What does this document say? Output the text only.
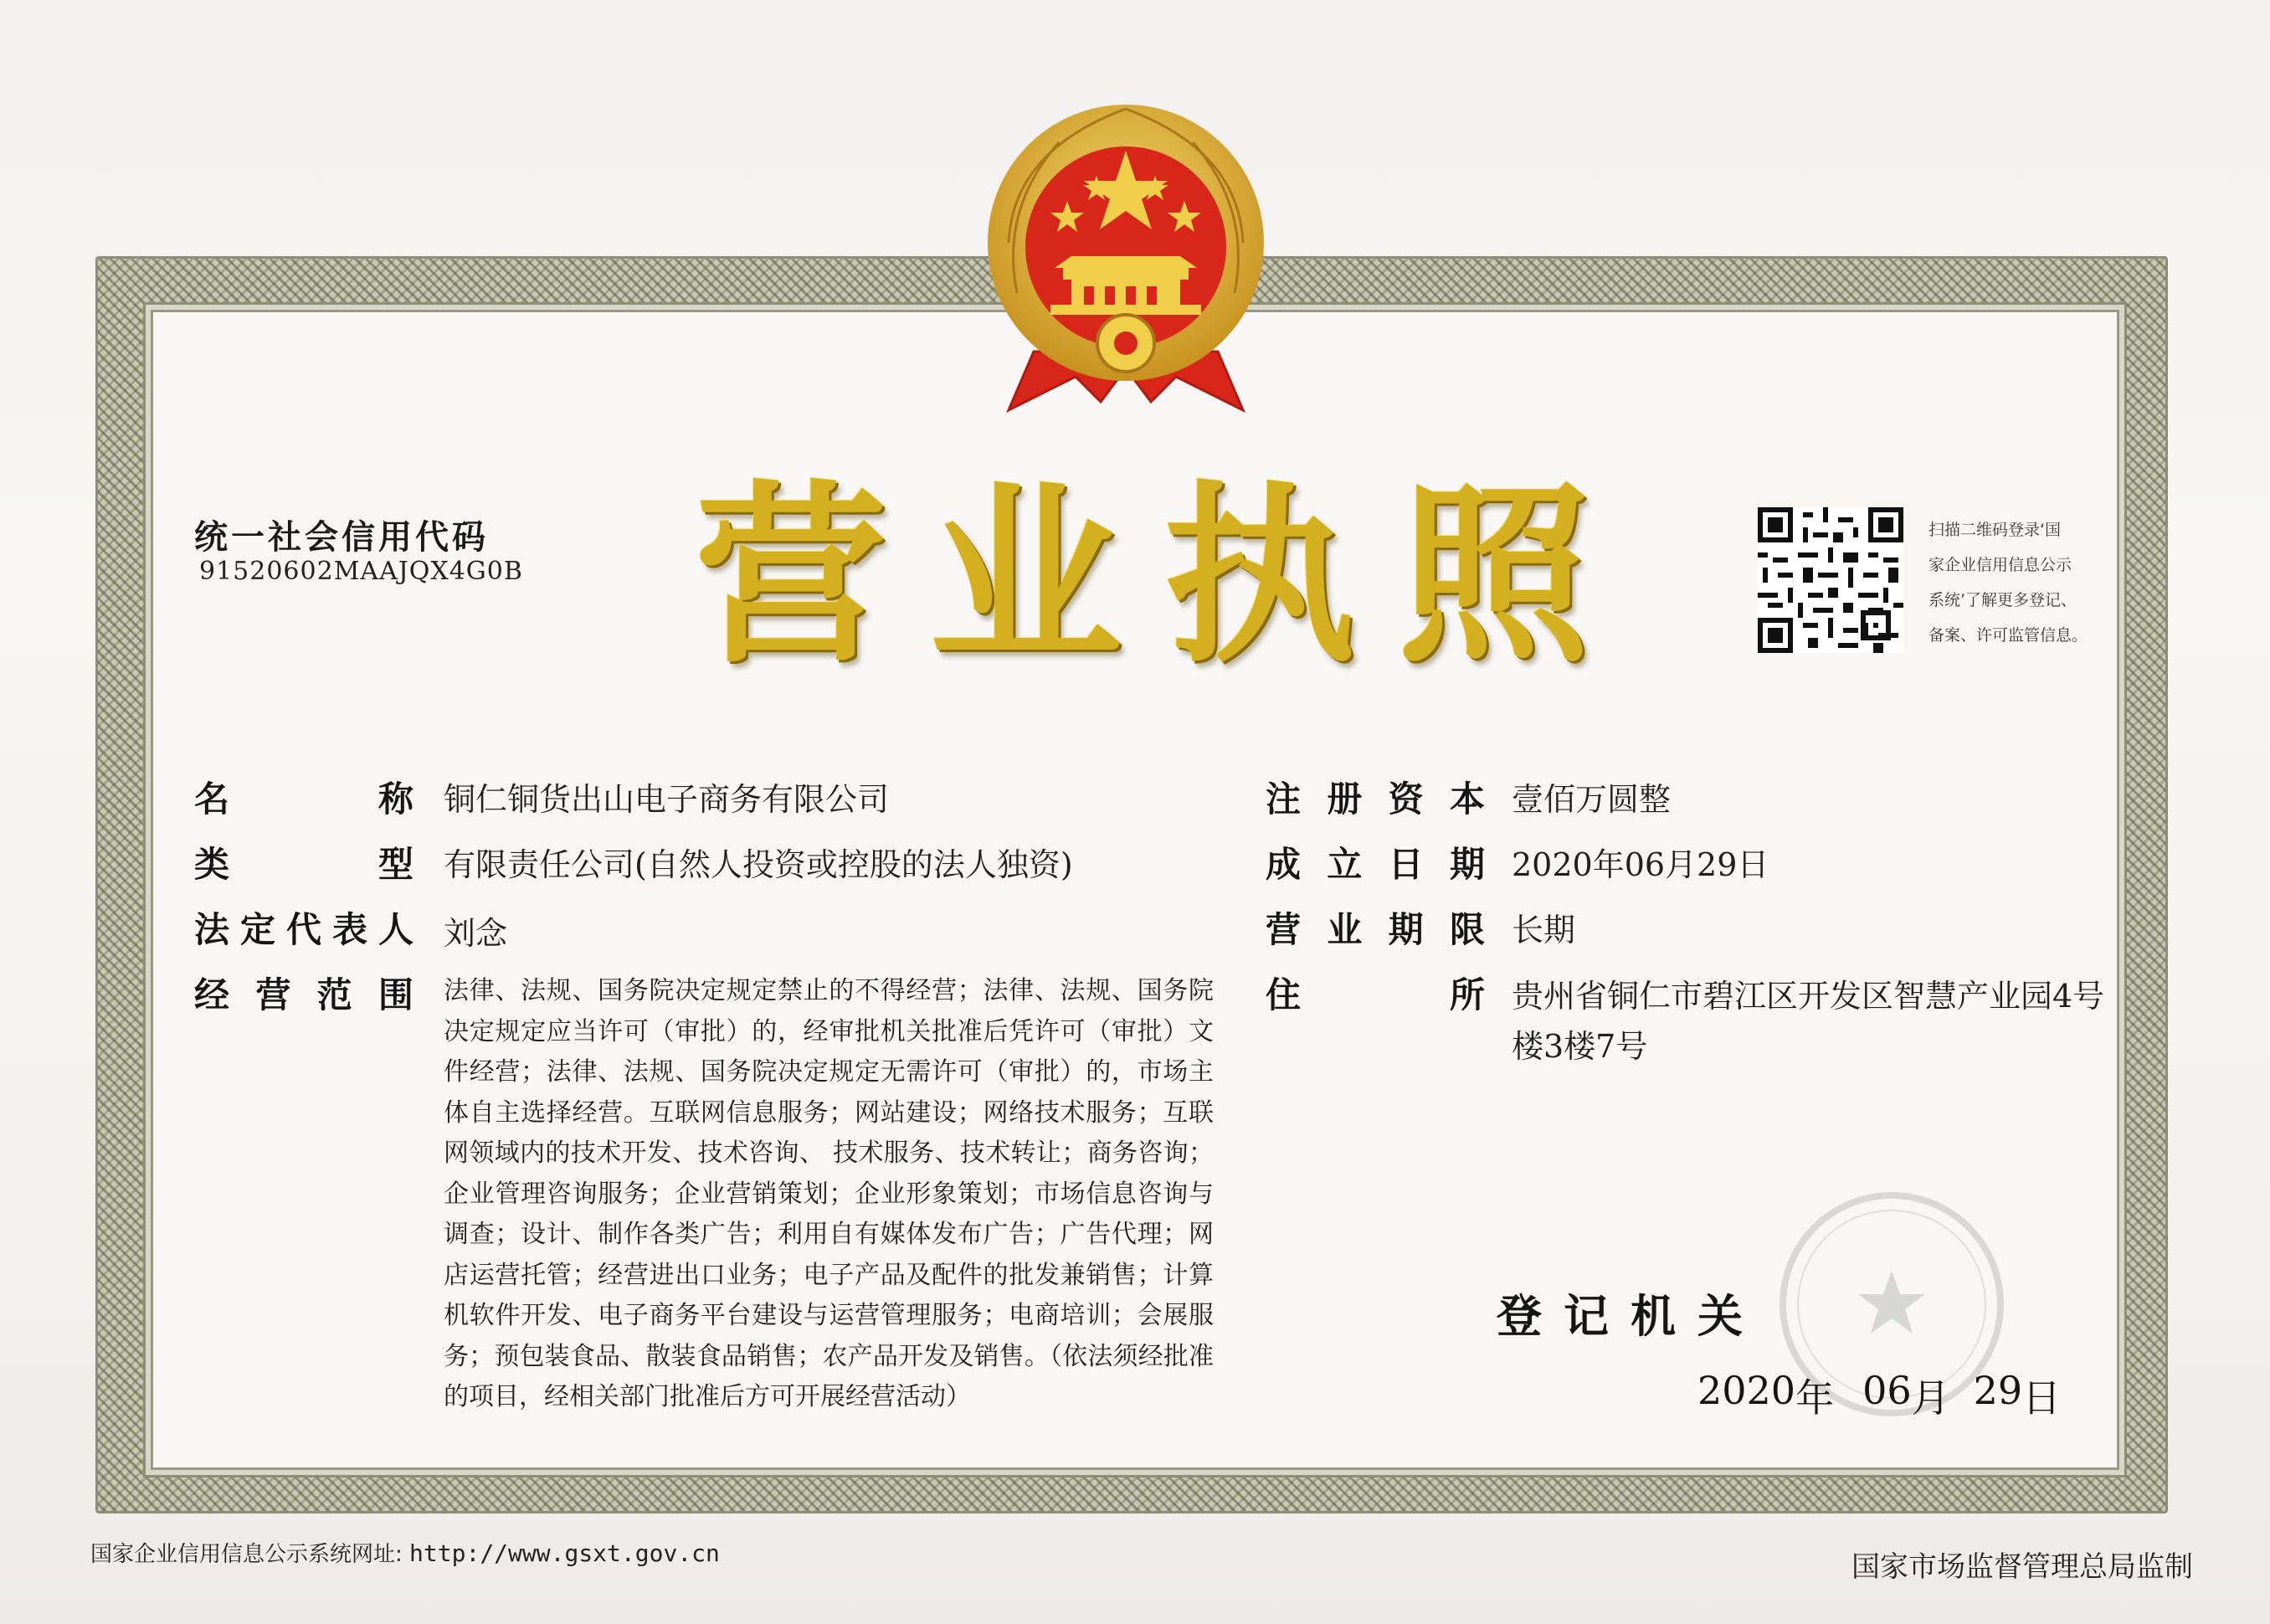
营 业 执 照
统一社会信用代码
91520602MAAJQX4G0B
扫描二维码登录‘国
家企业信用信息公示
系统’了解更多登记、
备案、许可监管信息。
名	称 铜仁铜货出山电子商务有限公司
类	型 有限责任公司(自然人投资或控股的法人独资)
法 定 代 表 人 刘念
经 营 范 围 法律、法规、国务院决定规定禁止的不得经营；法律、法规、国务院决定规定应当许可（审批）的，经审批机关批准后凭许可（审批）文件经营；法律、法规、国务院决定规定无需许可（审批）的，市场主体自主选择经营。互联网信息服务；网站建设；网络技术服务；互联网领域内的技术开发、技术咨询、 技术服务、技术转让；商务咨询；企业管理咨询服务；企业营销策划；企业形象策划；市场信息咨询与调查；设计、制作各类广告；利用自有媒体发布广告；广告代理；网店运营托管；经营进出口业务；电子产品及配件的批发兼销售；计算机软件开发、电子商务平台建设与运营管理服务；电商培训；会展服务；预包装食品、散装食品销售；农产品开发及销售。（依法须经批准的项目，经相关部门批准后方可开展经营活动）
注 册 资 本 壹佰万圆整
成 立 日 期 2020年06月29日
营 业 期 限 长期
住	所 贵州省铜仁市碧江区开发区智慧产业园4号楼3楼7号
登记机关
2020 年 06 月 29 日
国家企业信用信息公示系统网址: http://www.gsxt.gov.cn	国家市场监督管理总局监制
